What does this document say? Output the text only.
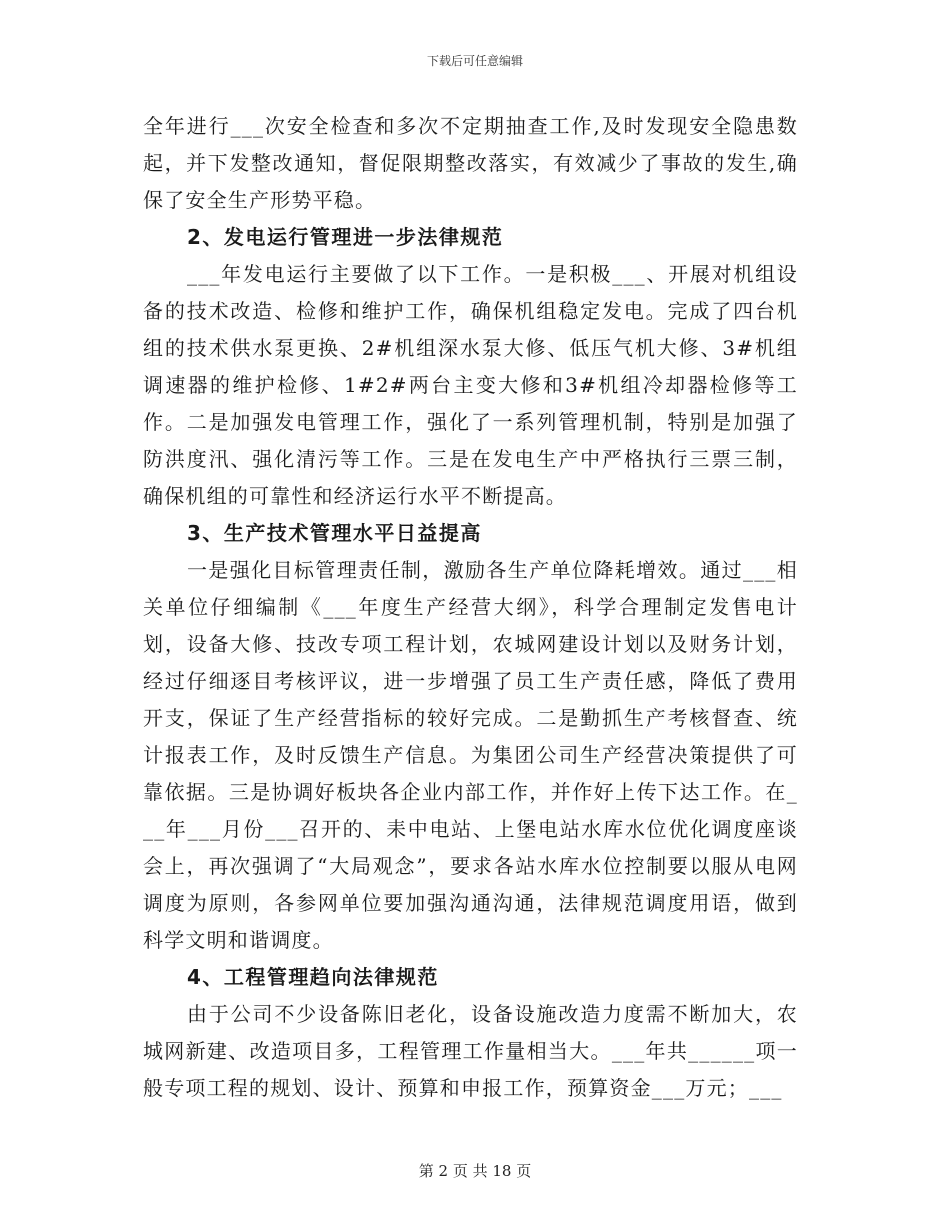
下载后可任意编辑

全年进行___次安全检查和多次不定期抽查工作,及时发现安全隐患数起，并下发整改通知，督促限期整改落实，有效减少了事故的发生,确保了安全生产形势平稳。

2、发电运行管理进一步法律规范

___年发电运行主要做了以下工作。一是积极___、开展对机组设备的技术改造、检修和维护工作，确保机组稳定发电。完成了四台机组的技术供水泵更换、2#机组深水泵大修、低压气机大修、3#机组调速器的维护检修、1#2#两台主变大修和3#机组冷却器检修等工作。二是加强发电管理工作，强化了一系列管理机制，特别是加强了防洪度汛、强化清污等工作。三是在发电生产中严格执行三票三制，确保机组的可靠性和经济运行水平不断提高。

3、生产技术管理水平日益提高

一是强化目标管理责任制，激励各生产单位降耗增效。通过___相关单位仔细编制《___年度生产经营大纲》，科学合理制定发售电计划，设备大修、技改专项工程计划，农城网建设计划以及财务计划，经过仔细逐目考核评议，进一步增强了员工生产责任感，降低了费用开支，保证了生产经营指标的较好完成。二是勤抓生产考核督查、统计报表工作，及时反馈生产信息。为集团公司生产经营决策提供了可靠依据。三是协调好板块各企业内部工作，并作好上传下达工作。在___年___月份___召开的、耒中电站、上堡电站水库水位优化调度座谈会上，再次强调了“大局观念”，要求各站水库水位控制要以服从电网调度为原则，各参网单位要加强沟通沟通，法律规范调度用语，做到科学文明和谐调度。

4、工程管理趋向法律规范

由于公司不少设备陈旧老化，设备设施改造力度需不断加大，农城网新建、改造项目多，工程管理工作量相当大。___年共______项一般专项工程的规划、设计、预算和申报工作，预算资金___万元；___

第 2 页 共 18 页
